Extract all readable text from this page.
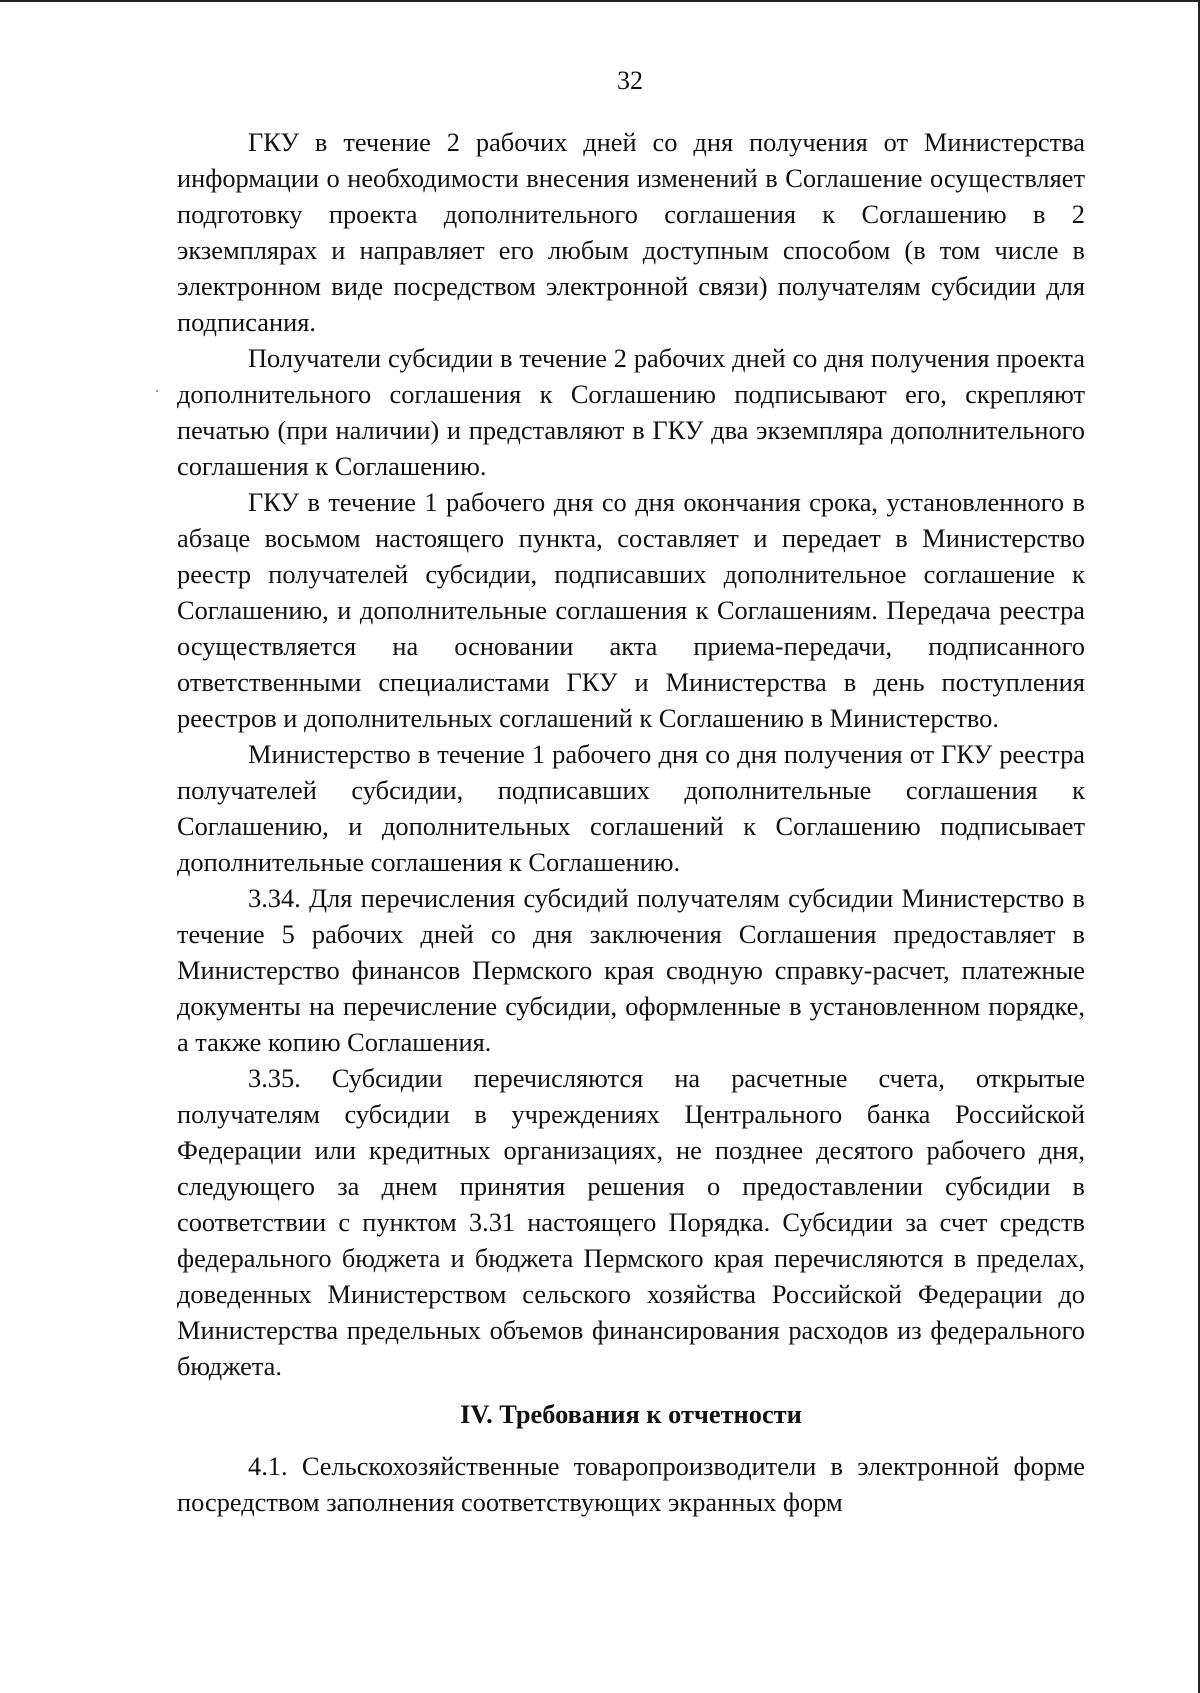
32

ГКУ в течение 2 рабочих дней со дня получения от Министерства информации о необходимости внесения изменений в Соглашение осуществляет подготовку проекта дополнительного соглашения к Соглашению в 2 экземплярах и направляет его любым доступным способом (в том числе в электронном виде посредством электронной связи) получателям субсидии для подписания.

Получатели субсидии в течение 2 рабочих дней со дня получения проекта дополнительного соглашения к Соглашению подписывают его, скрепляют печатью (при наличии) и представляют в ГКУ два экземпляра дополнительного соглашения к Соглашению.

ГКУ в течение 1 рабочего дня со дня окончания срока, установленного в абзаце восьмом настоящего пункта, составляет и передает в Министерство реестр получателей субсидии, подписавших дополнительное соглашение к Соглашению, и дополнительные соглашения к Соглашениям. Передача реестра осуществляется на основании акта приема-передачи, подписанного ответственными специалистами ГКУ и Министерства в день поступления реестров и дополнительных соглашений к Соглашению в Министерство.

Министерство в течение 1 рабочего дня со дня получения от ГКУ реестра получателей субсидии, подписавших дополнительные соглашения к Соглашению, и дополнительных соглашений к Соглашению подписывает дополнительные соглашения к Соглашению.

3.34. Для перечисления субсидий получателям субсидии Министерство в течение 5 рабочих дней со дня заключения Соглашения предоставляет в Министерство финансов Пермского края сводную справку-расчет, платежные документы на перечисление субсидии, оформленные в установленном порядке, а также копию Соглашения.

3.35. Субсидии перечисляются на расчетные счета, открытые получателям субсидии в учреждениях Центрального банка Российской Федерации или кредитных организациях, не позднее десятого рабочего дня, следующего за днем принятия решения о предоставлении субсидии в соответствии с пунктом 3.31 настоящего Порядка. Субсидии за счет средств федерального бюджета и бюджета Пермского края перечисляются в пределах, доведенных Министерством сельского хозяйства Российской Федерации до Министерства предельных объемов финансирования расходов из федерального бюджета.

IV. Требования к отчетности

4.1. Сельскохозяйственные товаропроизводители в электронной форме посредством заполнения соответствующих экранных форм
